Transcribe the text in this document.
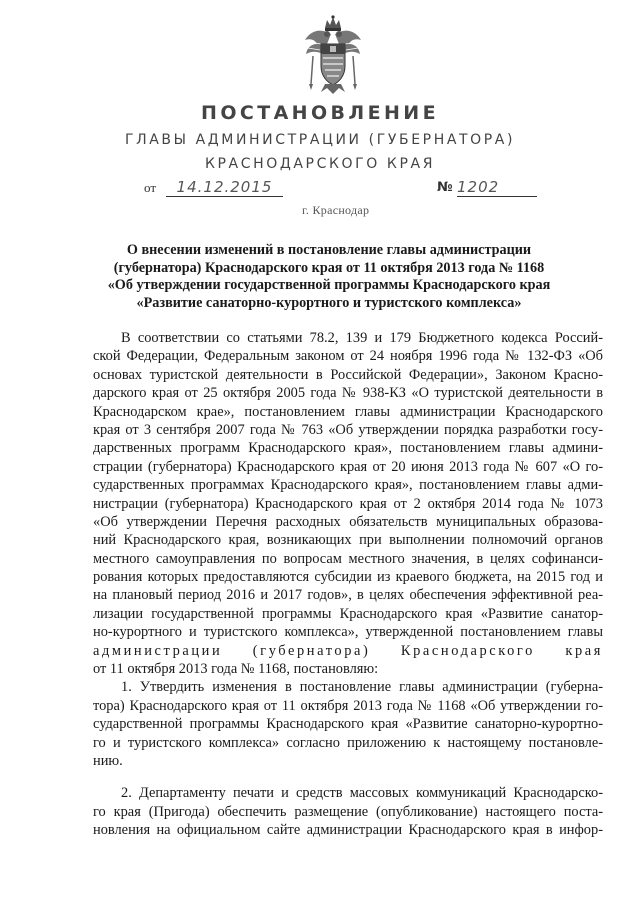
ПОСТАНОВЛЕНИЕ
ГЛАВЫ АДМИНИСТРАЦИИ (ГУБЕРНАТОРА)
КРАСНОДАРСКОГО КРАЯ
от	14.12.2015	№ 1202
г. Краснодар
О внесении изменений в постановление главы администрации
(губернатора) Краснодарского края от 11 октября 2013 года № 1168
«Об утверждении государственной программы Краснодарского края
«Развитие санаторно-курортного и туристского комплекса»
В соответствии со статьями 78.2, 139 и 179 Бюджетного кодекса Россий-
ской Федерации, Федеральным законом от 24 ноября 1996 года № 132-ФЗ «Об
основах туристской деятельности в Российской Федерации», Законом Красно-
дарского края от 25 октября 2005 года № 938-КЗ «О туристской деятельности в
Краснодарском крае», постановлением главы администрации Краснодарского
края от 3 сентября 2007 года № 763 «Об утверждении порядка разработки госу-
дарственных программ Краснодарского края», постановлением главы админи-
страции (губернатора) Краснодарского края от 20 июня 2013 года № 607 «О го-
сударственных программах Краснодарского края», постановлением главы адми-
нистрации (губернатора) Краснодарского края от 2 октября 2014 года № 1073
«Об утверждении Перечня расходных обязательств муниципальных образова-
ний Краснодарского края, возникающих при выполнении полномочий органов
местного самоуправления по вопросам местного значения, в целях софинанси-
рования которых предоставляются субсидии из краевого бюджета, на 2015 год и
на плановый период 2016 и 2017 годов», в целях обеспечения эффективной реа-
лизации государственной программы Краснодарского края «Развитие санатор-
но-курортного и туристского комплекса», утвержденной постановлением главы
администрации (губернатора) Краснодарского края
от 11 октября 2013 года № 1168, постановляю:
1. Утвердить изменения в постановление главы администрации (губерна-
тора) Краснодарского края от 11 октября 2013 года № 1168 «Об утверждении го-
сударственной программы Краснодарского края «Развитие санаторно-курортно-
го и туристского комплекса» согласно приложению к настоящему постановле-
нию.
2. Департаменту печати и средств массовых коммуникаций Краснодарско-
го края (Пригода) обеспечить размещение (опубликование) настоящего поста-
новления на официальном сайте администрации Краснодарского края в инфор-
